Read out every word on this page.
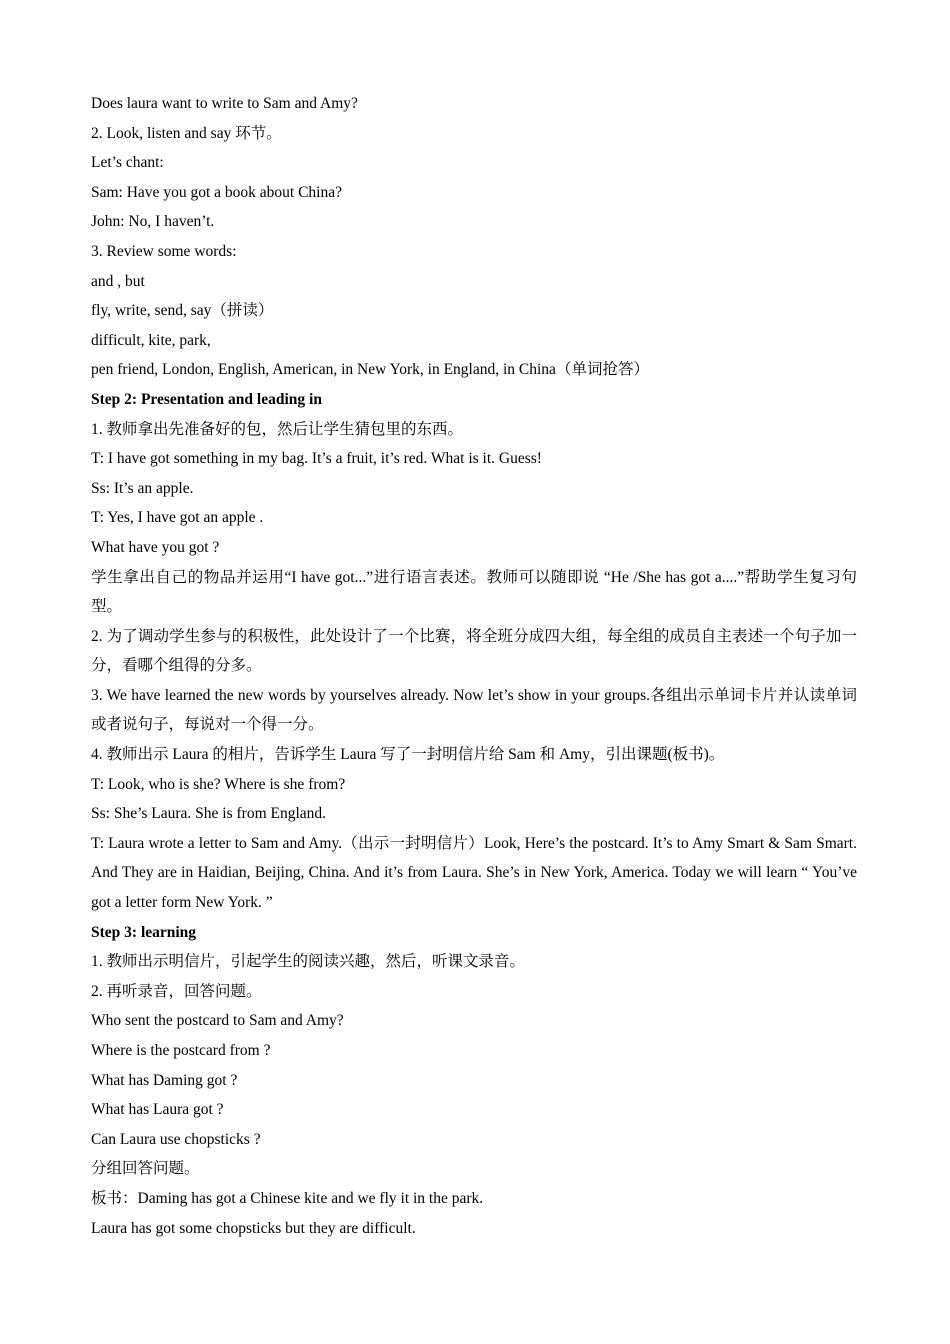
Does laura want to write to Sam and Amy?
2. Look, listen and say 环节。
Let’s chant:
Sam: Have you got a book about China?
John: No, I haven’t.
3. Review some words:
and , but
fly, write, send, say（拼读）
difficult, kite, park,
pen friend, London, English, American, in New York, in England, in China（单词抢答）
Step 2: Presentation and leading in
1. 教师拿出先准备好的包，然后让学生猜包里的东西。
T: I have got something in my bag. It’s a fruit, it’s red. What is it. Guess!
Ss: It’s an apple.
T: Yes, I have got an apple .
What have you got ?
学生拿出自己的物品并运用“I have got...”进行语言表述。教师可以随即说 “He /She has got a....”帮助学生复习句型。
2. 为了调动学生参与的积极性，此处设计了一个比赛，将全班分成四大组，每全组的成员自主表述一个句子加一分，看哪个组得的分多。
3. We have learned the new words by yourselves already. Now let’s show in your groups.各组出示单词卡片并认读单词或者说句子，每说对一个得一分。
4. 教师出示 Laura 的相片，告诉学生 Laura 写了一封明信片给 Sam 和 Amy，引出课题(板书)。
T: Look, who is she? Where is she from?
Ss: She’s Laura. She is from England.
T: Laura wrote a letter to Sam and Amy.（出示一封明信片）Look, Here’s the postcard. It’s to Amy Smart & Sam Smart. And They are in Haidian, Beijing, China. And it’s from Laura. She’s in New York, America. Today we will learn “ You’ve got a letter form New York. ”
Step 3: learning
1. 教师出示明信片，引起学生的阅读兴趣，然后，听课文录音。
2. 再听录音，回答问题。
Who sent the postcard to Sam and Amy?
Where is the postcard from ?
What has Daming got ?
What has Laura got ?
Can Laura use chopsticks ?
分组回答问题。
板书：Daming has got a Chinese kite and we fly it in the park.
Laura has got some chopsticks but they are difficult.
